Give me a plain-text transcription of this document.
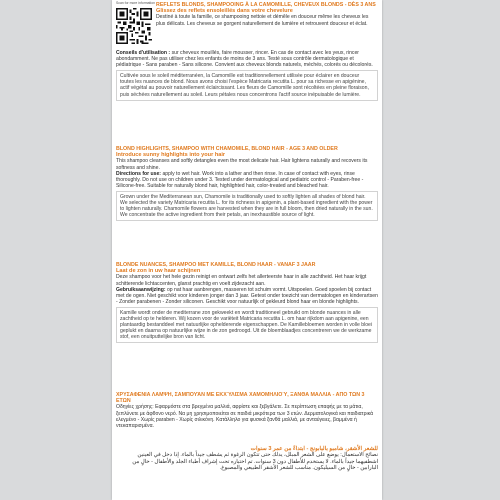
Scan for more information REFLETS BLONDS, SHAMPOOING À LA CAMOMILLE, CHEVEUX BLONDS - DÈS 3 ANS

Glissez des reflets ensoleillés dans votre chevelure

Destiné à toute la famille, ce shampooing nettoie et démêle en douceur même les cheveux les plus délicats. Les cheveux se gorgent naturellement de lumière et retrouvent douceur et éclat.

Conseils d'utilisation : sur cheveux mouillés, faire mousser, rincer. En cas de contact avec les yeux, rincer abondamment. Ne pas utiliser chez les enfants de moins de 3 ans. Testé sous contrôle dermatologique et pédiatrique - Sans paraben - Sans silicone. Convient aux cheveux blonds naturels, méchés, colorés ou décolorés.

Cultivée sous le soleil méditerranéen, la Camomille est traditionnellement utilisée pour éclairer en douceur toutes les nuances de blond. Nous avons choisi l'espèce Matricaria recutita L. pour sa richesse en apigénine, actif végétal au pouvoir naturellement éclaircissant. Les fleurs de Camomille sont récoltées en pleine floraison, puis séchées naturellement au soleil. Leurs pétales nous concentrons l'actif source inépuisable de lumière.

BLOND HIGHLIGHTS, SHAMPOO WITH CHAMOMILE, BLOND HAIR - AGE 3 AND OLDER

Introduce sunny highlights into your hair

This shampoo cleanses and softly detangles even the most delicate hair. Hair lightens naturally and recovers its softness and shine.

Directions for use: apply to wet hair. Work into a lather and then rinse. In case of contact with eyes, rinse thoroughly. Do not use on children under 3. Tested under dermatological and pediatric control - Paraben-free - Silicone-free. Suitable for naturally blond hair, highlighted hair, color-treated and bleached hair.

Grown under the Mediterranean sun, Chamomile is traditionally used to softly lighten all shades of blond hair. We selected the variety Matricaria recutita L. for its richness in apigenin, a plant-based ingredient with the power to lighten naturally. Chamomile flowers are harvested when they are in full bloom, then dried naturally in the sun. We concentrate the active ingredient from their petals, an inexhaustible source of light.

BLONDE NUANCES, SHAMPOO MET KAMILLE, BLOND HAAR - VANAF 3 JAAR

Laat de zon in uw haar schijnen

Deze shampoo voor het hele gezin reinigt en ontwart zelfs het allerteerste haar in alle zachtheid. Het haar krijgt schitterende lichtaccenten, glanst prachtig en voelt zijdezacht aan.

Gebruiksaanwijzing: op nat haar aanbrengen, masseren tot schuim vormt. Uitspoelen. Goed spoelen bij contact met de ogen. Niet geschikt voor kinderen jonger dan 3 jaar. Getest onder toezicht van dermatologen en kinderartsen - Zonder parabenen - Zonder siliconen. Geschikt voor natuurlijk of gekleurd blond haar en blonde highlights.

Kamille wordt onder de mediterrane zon gekweekt en wordt traditioneel gebruikt om blonde nuances in alle zachtheid op te helderen. Wij kozen voor de variëteit Matricaria recutita L. om haar rijkdom aan apigenine, een plantaardig bestanddeel met natuurlijke ophelderende eigenschappen. De Kamillebloemen worden in volle bloei geplukt en daarna op natuurlijke wijze in de zon gedroogd. Uit de bloemblaadjes concentreren we de werkzame stof, een onuitputtelijke bron van licht.

ΧΡΥΣΑΦΕΝΙΑ ΛΑΜΨΗ, ΣΑΜΠΟΥΆΝ ΜΕ ΕΚΧΎΛΙΣΜΑ ΧΑΜΟΜΗΛΙΟΎ, ΞΑΝΘΑ ΜΑΛΛΙΑ - ΑΠΟ ΤΩΝ 3 ΕΤΩΝ

Οδηγίες χρήσης: Εφαρμόστε στα βρεγμένα μαλλιά, αφρίστε και ξεβγάλετε. Σε περίπτωση επαφής με τα μάτια, ξεπλύνετε με άφθονο νερό. Να μη χρησιμοποιείται σε παιδιά μικρότερα των 3 ετών. Δερματολογικά και παιδιατρικά ελεγμένο - Χωρίς paraben - Χωρίς σιλικόνη. Κατάλληλο για φυσικά ξανθά μαλλιά, με ανταύγειες, βαμμένα ή ντεκαπαρισμένα.

للشعر الأشقر، شامبو بالبابونج - ابتداءً من عمر 3 سنوات

نصائح الاستعمال: يوضع على الشعر المبلل، يدلك حتى تتكون الرغوة ثم يشطف جيداً بالماء. إذا دخل في العينين اشطفيهما جيداً بالماء. لا يستخدم للأطفال دون 3 سنوات. تم اختباره تحت إشراف أطباء الجلد والأطفال - خالٍ من البارابين - خالٍ من السيليكون. مناسب للشعر الأشقر الطبيعي والمصبوغ.
